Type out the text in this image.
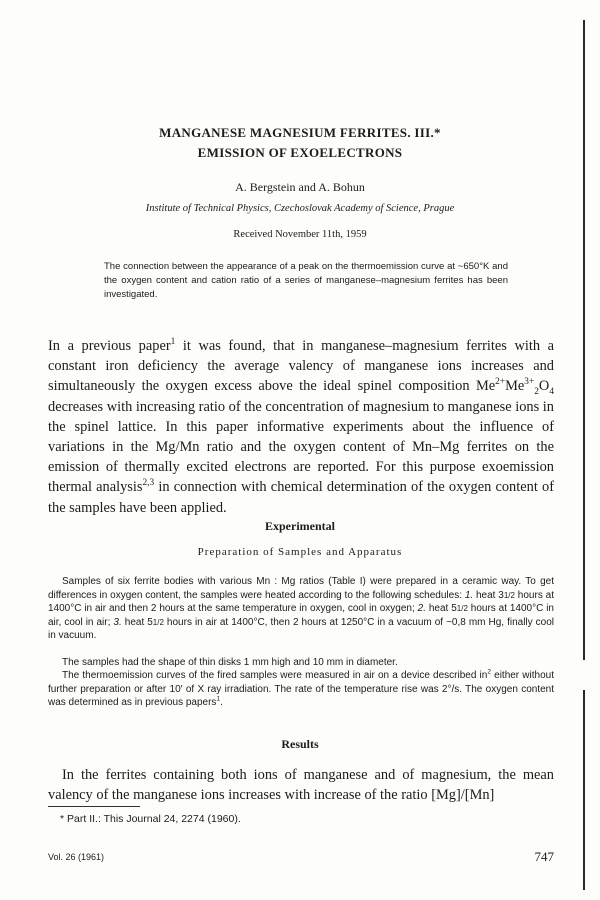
MANGANESE MAGNESIUM FERRITES. III.*
EMISSION OF EXOELECTRONS
A. Bergstein and A. Bohun
Institute of Technical Physics, Czechoslovak Academy of Science, Prague
Received November 11th, 1959
The connection between the appearance of a peak on the thermoemission curve at ~650°K and the oxygen content and cation ratio of a series of manganese–magnesium ferrites has been investigated.
In a previous paper$^1$ it was found, that in manganese–magnesium ferrites with a constant iron deficiency the average valency of manganese ions increases and simultaneously the oxygen excess above the ideal spinel composition $Me^{2+}Me^{3+}_2O_4$ decreases with increasing ratio of the concentration of magnesium to manganese ions in the spinel lattice. In this paper informative experiments about the influence of variations in the Mg/Mn ratio and the oxygen content of Mn–Mg ferrites on the emission of thermally excited electrons are reported. For this purpose exoemission thermal analysis$^{2,3}$ in connection with chemical determination of the oxygen content of the samples have been applied.
Experimental
Preparation of Samples and Apparatus
Samples of six ferrite bodies with various Mn : Mg ratios (Table I) were prepared in a ceramic way. To get differences in oxygen content, the samples were heated according to the following schedules: 1. heat 31/2 hours at 1400°C in air and then 2 hours at the same temperature in oxygen, cool in oxygen; 2. heat 51/2 hours at 1400°C in air, cool in air; 3. heat 51/2 hours in air at 1400°C, then 2 hours at 1250°C in a vacuum of ~0,8 mm Hg, finally cool in vacuum.
The samples had the shape of thin disks 1 mm high and 10 mm in diameter.
The thermoemission curves of the fired samples were measured in air on a device described $in^2$ either without further preparation or after 10′ of X ray irradiation. The rate of the temperature rise was 2°/s. The oxygen content was determined as in previous papers$^1$.
Results
In the ferrites containing both ions of manganese and of magnesium, the mean valency of the manganese ions increases with increase of the ratio [Mg]/[Mn]
* Part II.: This Journal 24, 2274 (1960).
Vol. 26 (1961)	747
